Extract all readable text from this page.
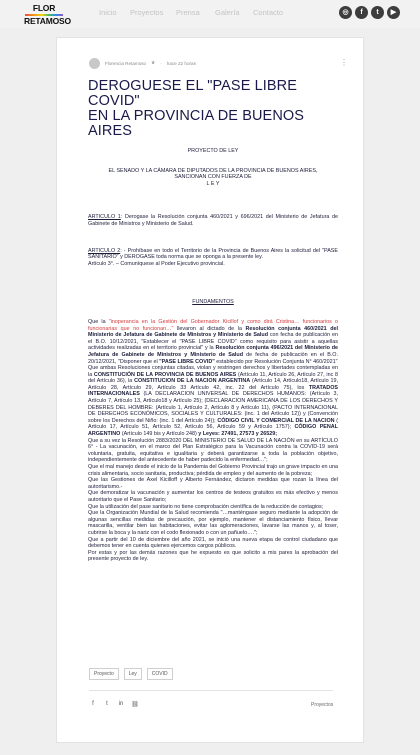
FLOR
RETAMOSO
Inicio Proyectos Prensa Galería Contacto	◎	f	t	▶
Florencia Retamoso ♛ · hace 22 horas	⋮
DEROGUESE EL "PASE LIBRE COVID"
EN LA PROVINCIA DE BUENOS AIRES
PROYECTO DE LEY
EL SENADO Y LA CÁMARA DE DIPUTADOS DE LA PROVINCIA DE BUENOS AIRES,
SANCIONAN CON FUERZA DE
L E Y
ARTICULO 1: Derogase la Resolución conjunta 460/2021 y 696/2021 del Ministerio de Jefatura de Gabinete de Ministros y Ministerio de Salud.
ARTICULO 2: - Prohíbase en todo el Territorio de la Provincia de Buenos Aires la solicitud del "PASE SANITARIO" y DEROGASE toda norma que se oponga a la presente ley.
Artículo 3°. – Comuníquese al Poder Ejecutivo provincial.
FUNDAMENTOS
Que la "inoperancia en la Gestión del Gobernador Kicillof y como dirá Cristina… funcionarios o funcionarias que no funcionan…" llevaron al dictado de la Resolución conjunta 460/2021 del Ministerio de Jefatura de Gabinete de Ministros y Ministerio de Salud con fecha de publicación en el B.O. 10/12/2021, "Establecer el "PASE LIBRE COVID" como requisito para asistir a aquellas actividades realizadas en el territorio provincial" y la Resolución conjunta 496/2021 del Ministerio de Jefatura de Gabinete de Ministros y Ministerio de Salud de fecha de publicación en el B.O. 20/12/2021, "Disponer que el "PASE LIBRE COVID" establecido por Resolución Conjunta N° 460/2021"
Que ambas Resoluciones conjuntas citadas, violan y restringen derechos y libertades contempladas en la CONSTITUCIÓN DE LA PROVINCIA DE BUENOS AIRES (Artículo 11, Artículo 26, Artículo 27, inc 8 del Artículo 36), la CONSTITUCION DE LA NACION ARGENTINA (Artículo 14, Artículo18, Artículo 19, Artículo 28, Artículo 29, Artículo 33 Artículo 42, inc. 22 del Artículo 75), los TRATADOS INTERNACIONALES (LA DECLARACION UNIVERSAL DE DERECHOS HUMANOS: (Artículo 3, Artículo 7, Artículo 13, Artículo18 y Artículo 25); (DECLARACION AMERICANA DE LOS DERECHOS Y DEBERES DEL HOMBRE: (Artículo 1, Artículo 2, Artículo 8 y Artículo 11), (PACTO INTERNACIONAL DE DERECHOS ECONÓMICOS, SOCIALES Y CULTURALES: (inc. 1 del Artículo 12)) y (Convención sobre los Derechos del Niño: (inc. 1 del Artículo 24)); CÓDIGO CIVIL Y COMERCIAL DE LA NACION ( Artículo 17, Artículo 51, Artículo 52, Artículo 56, Artículo 59 y Artículo 1757); CÓDIGO PENAL ARGENTINO (Artículo 149 bis y Artículo 248) y Leyes: 27491, 27573 y 26529;
Que a su vez la Resolución 2883/2020 DEL MINISTERIO DE SALUD DE LA NACIÓN en su ARTÍCULO 6° - La vacunación, en el marco del Plan Estratégico para la Vacunación contra la COVID-19 será voluntaria, gratuita, equitativa e igualitaria y deberá garantizarse a toda la población objetivo, independientemente del antecedente de haber padecido la enfermedad…";
Que el mal manejo desde el inicio de la Pandemia del Gobierno Provincial trajo un grave impacto en una crisis alimentaria, socio sanitaria, productiva; pérdida de empleo y del aumento de la pobreza;
Que las Gestiones de Axel Kicilloff y Alberto Fernández, dictaron medidas que rozan la línea del autoritarismo.-
Que demoratizar la vacunación y aumentar los centros de testeos gratuitos es más efectivo y menos autoritario que el Pase Sanitario;
Que la utilización del pase sanitario no tiene comprobación científica de la reducción de contagios;
Que la Organización Mundial de la Salud recomienda "…manténgase seguro mediante la adopción de algunas sencillas medidas de precaución, por ejemplo, mantener el distanciamiento físico, llevar mascarilla, ventilar bien las habitaciones, evitar las aglomeraciones, lavarse las manos y, al toser, cubrirse la boca y la nariz con el codo flexionado o con un pañuelo….";
Que a partir del 10 de diciembre del año 2021, se inició una nueva etapa de control ciudadano que debemos tener en cuenta quienes ejercemos cargos públicos.
Por estas y por las demás razones que he expuesto es que solicito a mis pares la aprobación del presente proyecto de ley.
Proyecto	Ley	COVID
f	t	in ⛓	Proyectos
